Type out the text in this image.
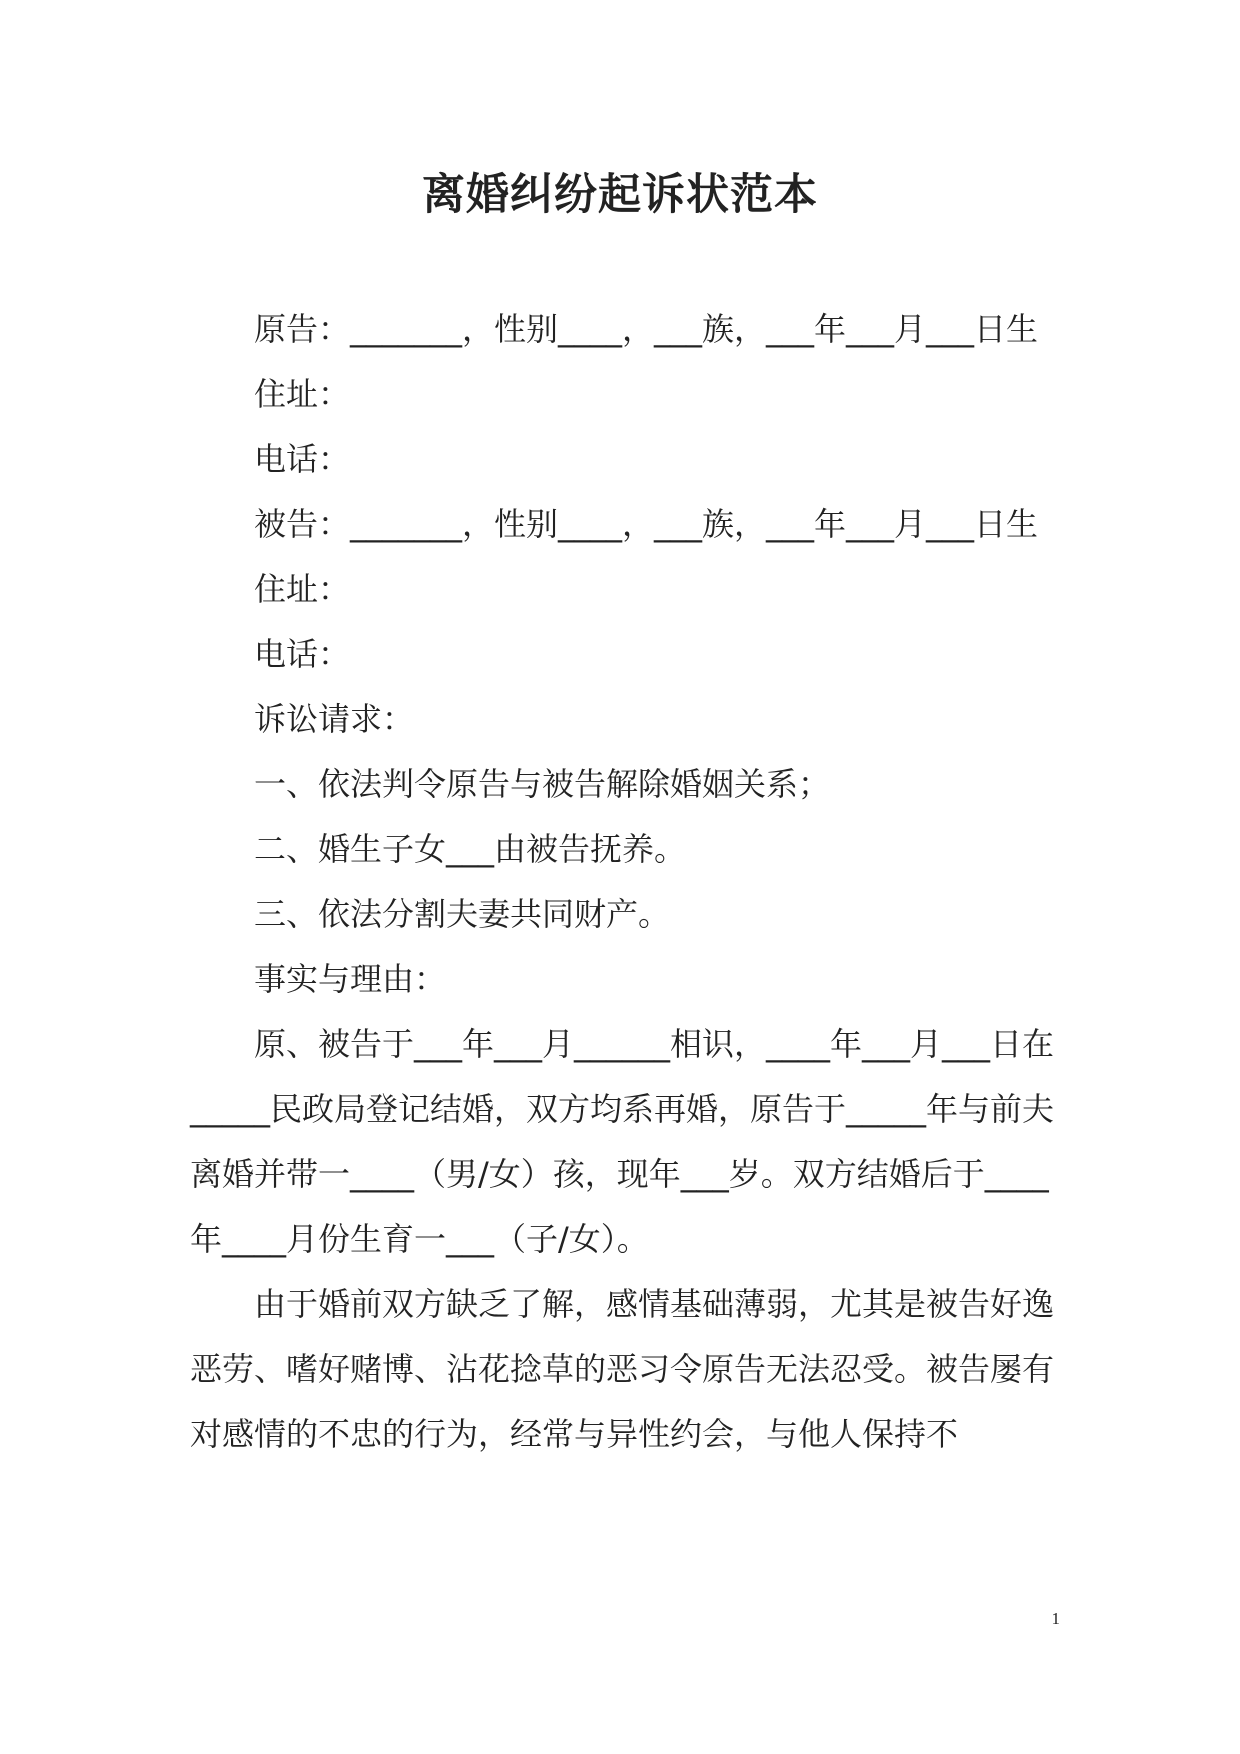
离婚纠纷起诉状范本

原告：_______，性别____，___族，___年___月___日生

住址：

电话：

被告：_______，性别____，___族，___年___月___日生

住址：

电话：

诉讼请求：

一、依法判令原告与被告解除婚姻关系；

二、婚生子女___由被告抚养。

三、依法分割夫妻共同财产。

事实与理由：

原、被告于___年___月______相识，____年___月___日在_____民政局登记结婚，双方均系再婚，原告于_____年与前夫离婚并带一____（男/女）孩，现年___岁。双方结婚后于____年____月份生育一___（子/女）。

由于婚前双方缺乏了解，感情基础薄弱，尤其是被告好逸恶劳、嗜好赌博、沾花捻草的恶习令原告无法忍受。被告屡有对感情的不忠的行为，经常与异性约会，与他人保持不

1
